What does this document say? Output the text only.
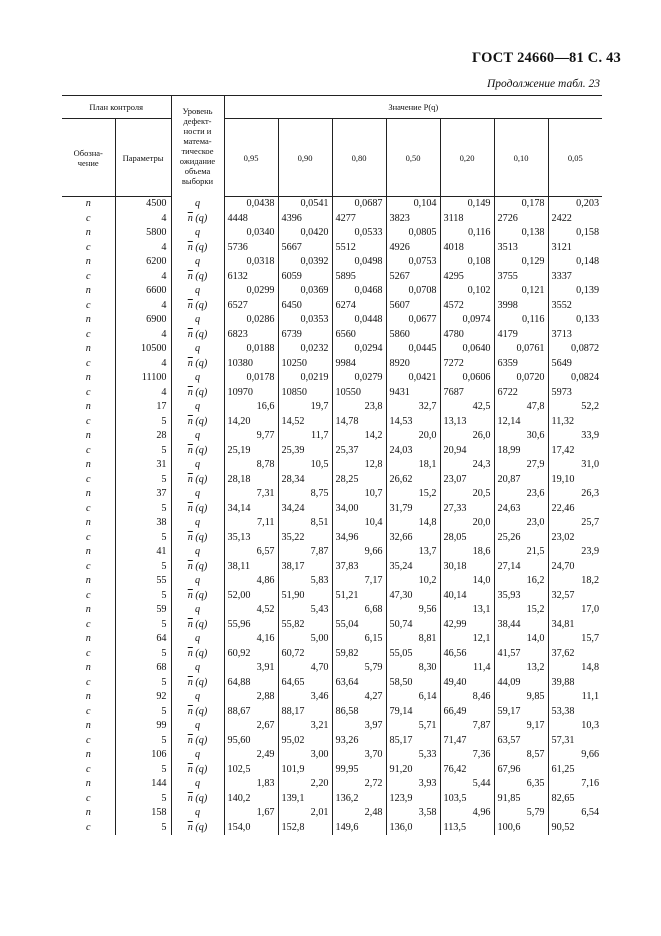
ГОСТ 24660—81 С. 43
Продолжение табл. 23
План контроля		Уровень дефект-ности и матема-тическое ожидание объема выборки	Значение P(q)						
Обозна-чение	Параметры		0,95	0,90	0,80	0,50	0,20	0,10	0,05
n	4500	q	0,0438	0,0541	0,0687	0,104	0,149	0,178	0,203
c	4	$\overline{n}$ (q)	4448	4396	4277	3823	3118	2726	2422
n	5800	q	0,0340	0,0420	0,0533	0,0805	0,116	0,138	0,158
c	4	$\overline{n}$ (q)	5736	5667	5512	4926	4018	3513	3121
n	6200	q	0,0318	0,0392	0,0498	0,0753	0,108	0,129	0,148
c	4	$\overline{n}$ (q)	6132	6059	5895	5267	4295	3755	3337
n	6600	q	0,0299	0,0369	0,0468	0,0708	0,102	0,121	0,139
c	4	$\overline{n}$ (q)	6527	6450	6274	5607	4572	3998	3552
n	6900	q	0,0286	0,0353	0,0448	0,0677	0,0974	0,116	0,133
c	4	$\overline{n}$ (q)	6823	6739	6560	5860	4780	4179	3713
n	10500	q	0,0188	0,0232	0,0294	0,0445	0,0640	0,0761	0,0872
c	4	$\overline{n}$ (q)	10380	10250	9984	8920	7272	6359	5649
n	11100	q	0,0178	0,0219	0,0279	0,0421	0,0606	0,0720	0,0824
c	4	$\overline{n}$ (q)	10970	10850	10550	9431	7687	6722	5973
n	17	q	16,6	19,7	23,8	32,7	42,5	47,8	52,2
c	5	$\overline{n}$ (q)	14,20	14,52	14,78	14,53	13,13	12,14	11,32
n	28	q	9,77	11,7	14,2	20,0	26,0	30,6	33,9
c	5	$\overline{n}$ (q)	25,19	25,39	25,37	24,03	20,94	18,99	17,42
n	31	q	8,78	10,5	12,8	18,1	24,3	27,9	31,0
c	5	$\overline{n}$ (q)	28,18	28,34	28,25	26,62	23,07	20,87	19,10
n	37	q	7,31	8,75	10,7	15,2	20,5	23,6	26,3
c	5	$\overline{n}$ (q)	34,14	34,24	34,00	31,79	27,33	24,63	22,46
n	38	q	7,11	8,51	10,4	14,8	20,0	23,0	25,7
c	5	$\overline{n}$ (q)	35,13	35,22	34,96	32,66	28,05	25,26	23,02
n	41	q	6,57	7,87	9,66	13,7	18,6	21,5	23,9
c	5	$\overline{n}$ (q)	38,11	38,17	37,83	35,24	30,18	27,14	24,70
n	55	q	4,86	5,83	7,17	10,2	14,0	16,2	18,2
c	5	$\overline{n}$ (q)	52,00	51,90	51,21	47,30	40,14	35,93	32,57
n	59	q	4,52	5,43	6,68	9,56	13,1	15,2	17,0
c	5	$\overline{n}$ (q)	55,96	55,82	55,04	50,74	42,99	38,44	34,81
n	64	q	4,16	5,00	6,15	8,81	12,1	14,0	15,7
c	5	$\overline{n}$ (q)	60,92	60,72	59,82	55,05	46,56	41,57	37,62
n	68	q	3,91	4,70	5,79	8,30	11,4	13,2	14,8
c	5	$\overline{n}$ (q)	64,88	64,65	63,64	58,50	49,40	44,09	39,88
n	92	q	2,88	3,46	4,27	6,14	8,46	9,85	11,1
c	5	$\overline{n}$ (q)	88,67	88,17	86,58	79,14	66,49	59,17	53,38
n	99	q	2,67	3,21	3,97	5,71	7,87	9,17	10,3
c	5	$\overline{n}$ (q)	95,60	95,02	93,26	85,17	71,47	63,57	57,31
n	106	q	2,49	3,00	3,70	5,33	7,36	8,57	9,66
c	5	$\overline{n}$ (q)	102,5	101,9	99,95	91,20	76,42	67,96	61,25
n	144	q	1,83	2,20	2,72	3,93	5,44	6,35	7,16
c	5	$\overline{n}$ (q)	140,2	139,1	136,2	123,9	103,5	91,85	82,65
n	158	q	1,67	2,01	2,48	3,58	4,96	5,79	6,54
c	5	$\overline{n}$ (q)	154,0	152,8	149,6	136,0	113,5	100,6	90,52
